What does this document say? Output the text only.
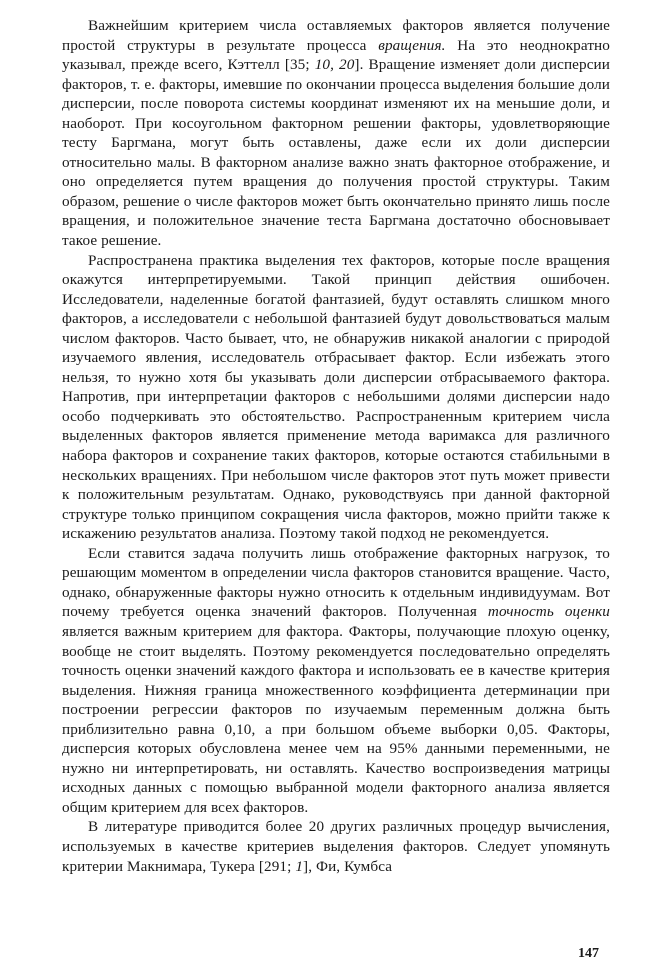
Важнейшим критерием числа оставляемых факторов является получение простой структуры в результате процесса вращения. На это неоднократно указывал, прежде всего, Кэттелл [35; 10, 20]. Вращение изменяет доли дисперсии факторов, т. е. факторы, имевшие по окончании процесса выделения большие доли дисперсии, после поворота системы координат изменяют их на меньшие доли, и наоборот. При косоугольном факторном решении факторы, удовлетворяющие тесту Баргмана, могут быть оставлены, даже если их доли дисперсии относительно малы. В факторном анализе важно знать факторное отображение, и оно определяется путем вращения до получения простой структуры. Таким образом, решение о числе факторов может быть окончательно принято лишь после вращения, и положительное значение теста Баргмана достаточно обосновывает такое решение.

Распространена практика выделения тех факторов, которые после вращения окажутся интерпретируемыми. Такой принцип действия ошибочен. Исследователи, наделенные богатой фантазией, будут оставлять слишком много факторов, а исследователи с небольшой фантазией будут довольствоваться малым числом факторов. Часто бывает, что, не обнаружив никакой аналогии с природой изучаемого явления, исследователь отбрасывает фактор. Если избежать этого нельзя, то нужно хотя бы указывать доли дисперсии отбрасываемого фактора. Напротив, при интерпретации факторов с небольшими долями дисперсии надо особо подчеркивать это обстоятельство. Распространенным критерием числа выделенных факторов является применение метода варимакса для различного набора факторов и сохранение таких факторов, которые остаются стабильными в нескольких вращениях. При небольшом числе факторов этот путь может привести к положительным результатам. Однако, руководствуясь при данной факторной структуре только принципом сокращения числа факторов, можно прийти также к искажению результатов анализа. Поэтому такой подход не рекомендуется.

Если ставится задача получить лишь отображение факторных нагрузок, то решающим моментом в определении числа факторов становится вращение. Часто, однако, обнаруженные факторы нужно относить к отдельным индивидуумам. Вот почему требуется оценка значений факторов. Полученная точность оценки является важным критерием для фактора. Факторы, получающие плохую оценку, вообще не стоит выделять. Поэтому рекомендуется последовательно определять точность оценки значений каждого фактора и использовать ее в качестве критерия выделения. Нижняя граница множественного коэффициента детерминации при построении регрессии факторов по изучаемым переменным должна быть приблизительно равна 0,10, а при большом объеме выборки 0,05. Факторы, дисперсия которых обусловлена менее чем на 95% данными переменными, не нужно ни интерпретировать, ни оставлять. Качество воспроизведения матрицы исходных данных с помощью выбранной модели факторного анализа является общим критерием для всех факторов.

В литературе приводится более 20 других различных процедур вычисления, используемых в качестве критериев выделения факторов. Следует упомянуть критерии Макнимара, Тукера [291; 1], Фи, Кумбса

147
